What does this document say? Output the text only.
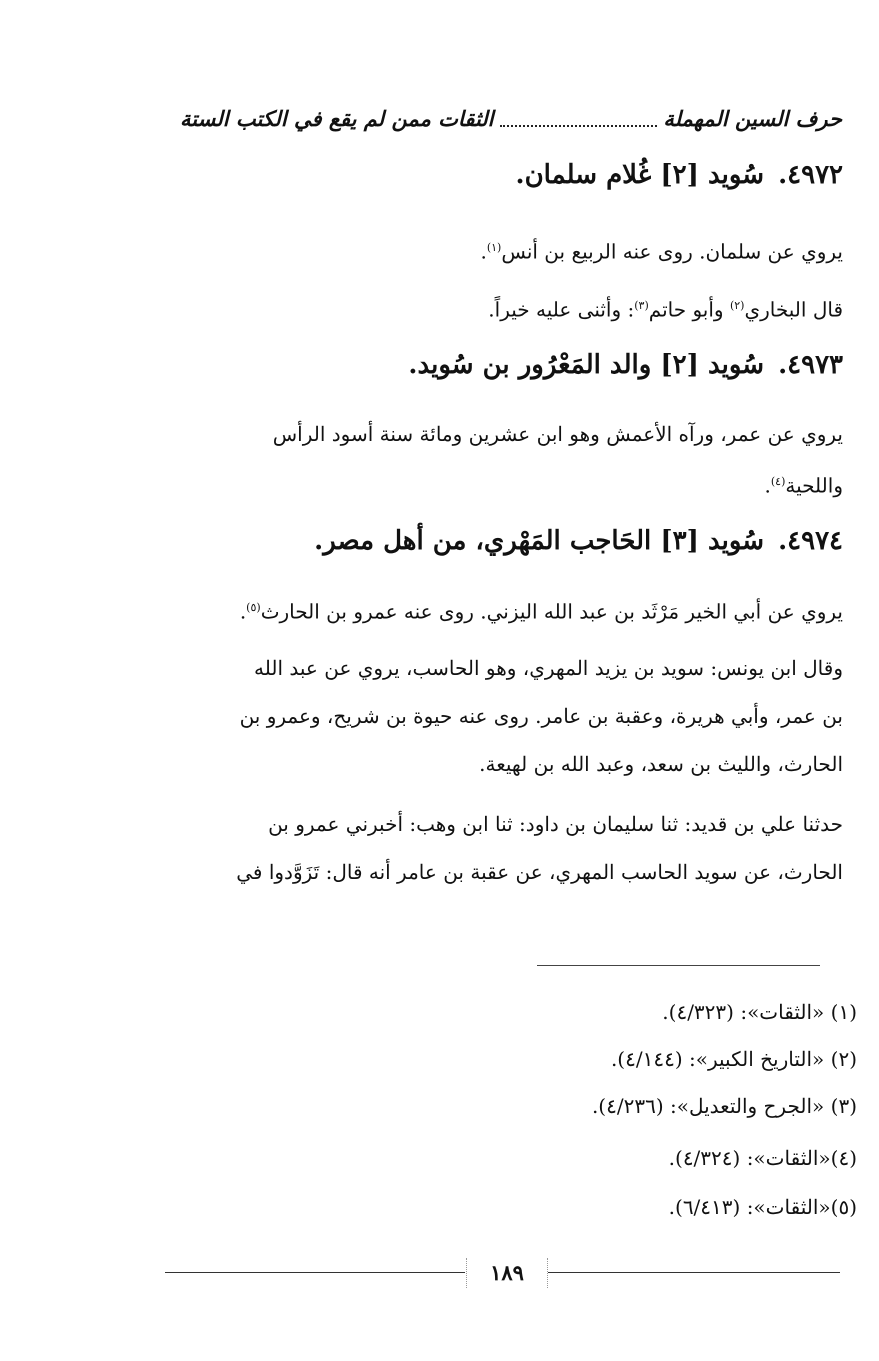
حرف السين المهملة
الثقات ممن لم يقع في الكتب الستة
٤٩٧٢.سُويد [٢] غُلام سلمان.
يروي عن سلمان. روى عنه الربيع بن أنس$^{(١)}$.
قال البخاري$^{(٢)}$ وأبو حاتم$^{(٣)}$: وأثنى عليه خيراً.
٤٩٧٣.سُويد [٢] والد المَعْرُور بن سُويد.
يروي عن عمر، ورآه الأعمش وهو ابن عشرين ومائة سنة أسود الرأس
واللحية$^{(٤)}$.
٤٩٧٤.سُويد [٣] الحَاجب المَهْري، من أهل مصر.
يروي عن أبي الخير مَرْثَد بن عبد الله اليزني. روى عنه عمرو بن الحارث$^{(٥)}$.
وقال ابن يونس: سويد بن يزيد المهري، وهو الحاسب، يروي عن عبد الله
بن عمر، وأبي هريرة، وعقبة بن عامر. روى عنه حيوة بن شريح، وعمرو بن
الحارث، والليث بن سعد، وعبد الله بن لهيعة.
حدثنا علي بن قديد: ثنا سليمان بن داود: ثنا ابن وهب: أخبرني عمرو بن
الحارث، عن سويد الحاسب المهري، عن عقبة بن عامر أنه قال: تَزَوَّدوا في
(١) «الثقات»: (٤/٣٢٣).
(٢) «التاريخ الكبير»: (٤/١٤٤).
(٣) «الجرح والتعديل»: (٤/٢٣٦).
(٤)«الثقات»: (٤/٣٢٤).
(٥)«الثقات»: (٦/٤١٣).
١٨٩
